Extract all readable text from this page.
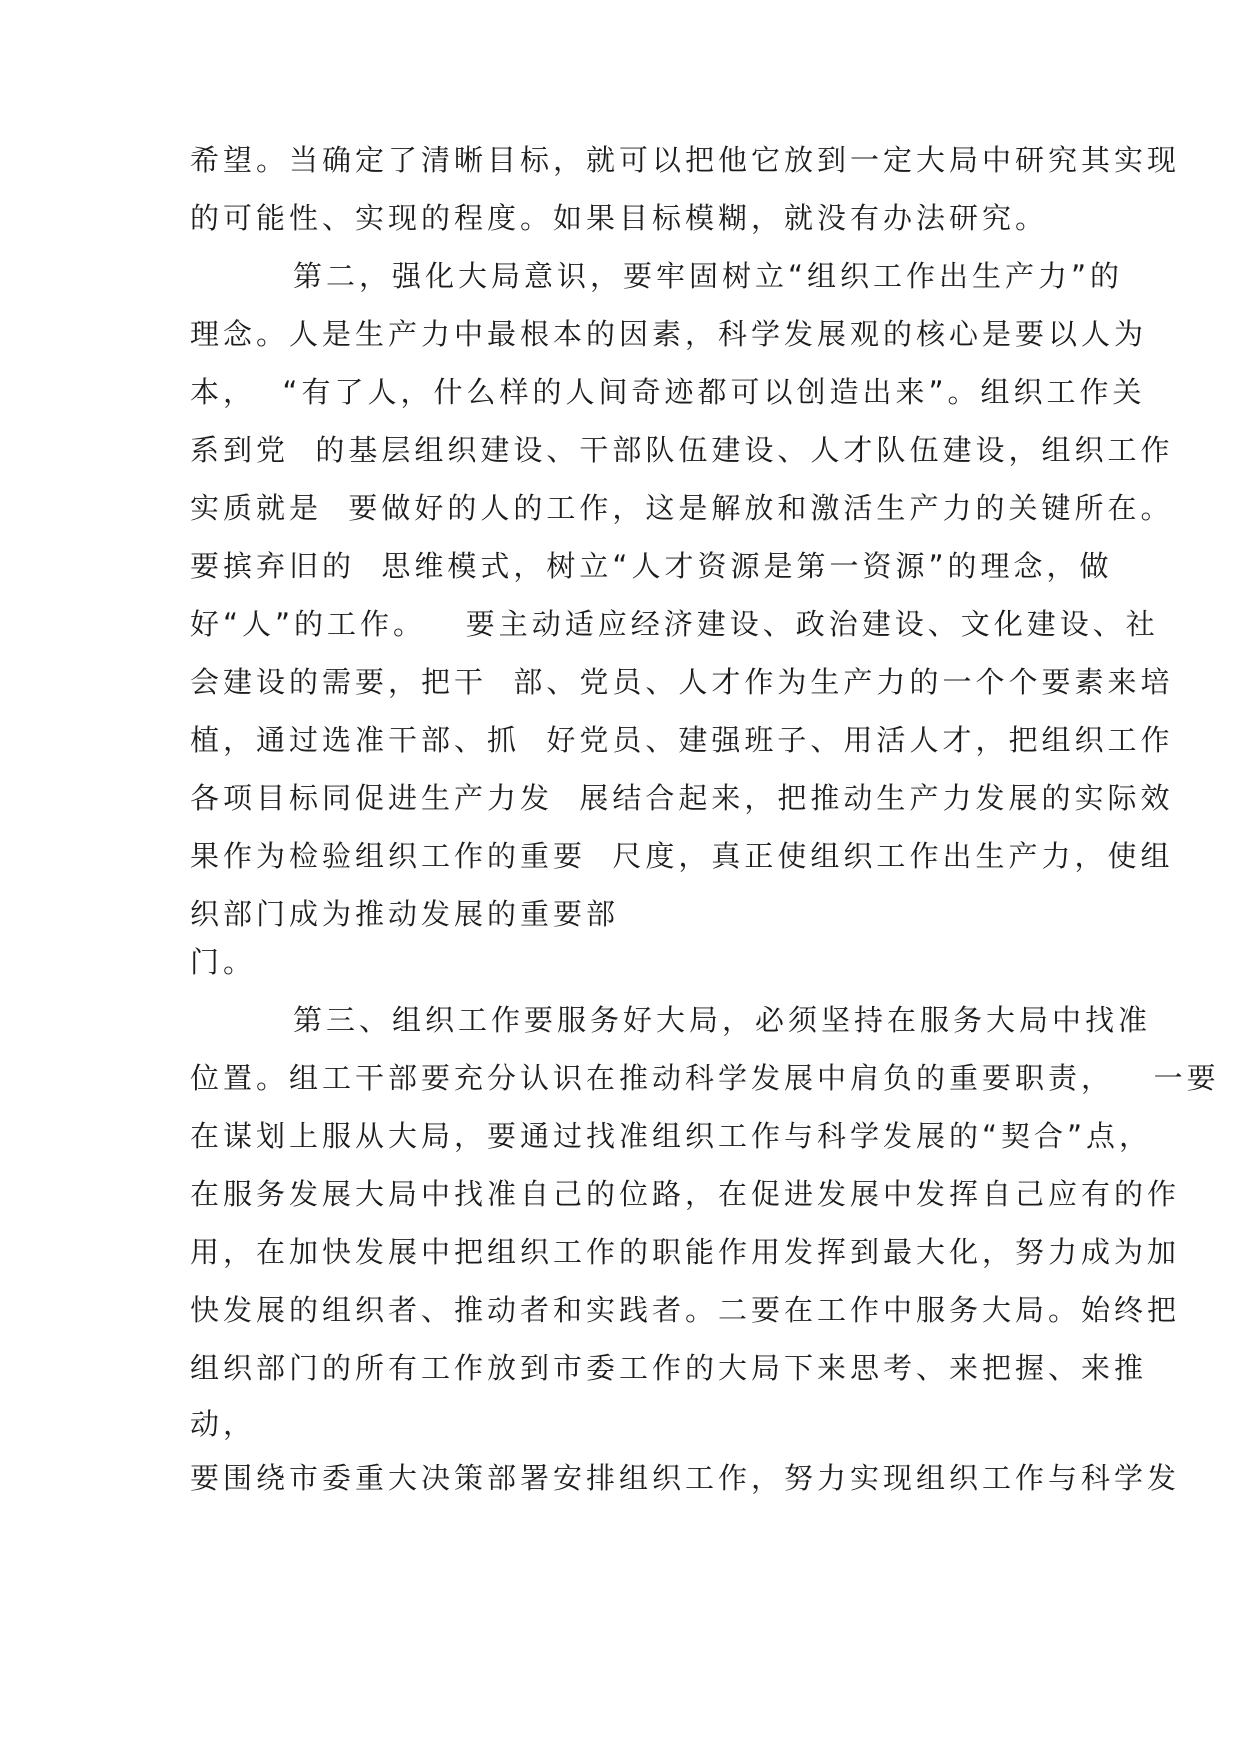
希望。当确定了清晰目标，就可以把他它放到一定大局中研究其实现
的可能性、实现的程度。如果目标模糊，就没有办法研究。
第二，强化大局意识，要牢固树立“组织工作出生产力”的
理念。人是生产力中最根本的因素，科学发展观的核心是要以人为
本，  “有了人，什么样的人间奇迹都可以创造出来”。组织工作关
系到党  的基层组织建设、干部队伍建设、人才队伍建设，组织工作
实质就是  要做好的人的工作，这是解放和激活生产力的关键所在。
要摈弃旧的  思维模式，树立“人才资源是第一资源”的理念，做
好“人”的工作。   要主动适应经济建设、政治建设、文化建设、社
会建设的需要，把干  部、党员、人才作为生产力的一个个要素来培
植，通过选准干部、抓  好党员、建强班子、用活人才，把组织工作
各项目标同促进生产力发  展结合起来，把推动生产力发展的实际效
果作为检验组织工作的重要  尺度，真正使组织工作出生产力，使组
织部门成为推动发展的重要部
门。
第三、组织工作要服务好大局，必须坚持在服务大局中找准
位置。组工干部要充分认识在推动科学发展中肩负的重要职责，   一要
在谋划上服从大局，要通过找准组织工作与科学发展的“契合”点，
在服务发展大局中找准自己的位路，在促进发展中发挥自己应有的作
用，在加快发展中把组织工作的职能作用发挥到最大化，努力成为加
快发展的组织者、推动者和实践者。二要在工作中服务大局。始终把
组织部门的所有工作放到市委工作的大局下来思考、来把握、来推
动，
要围绕市委重大决策部署安排组织工作，努力实现组织工作与科学发
